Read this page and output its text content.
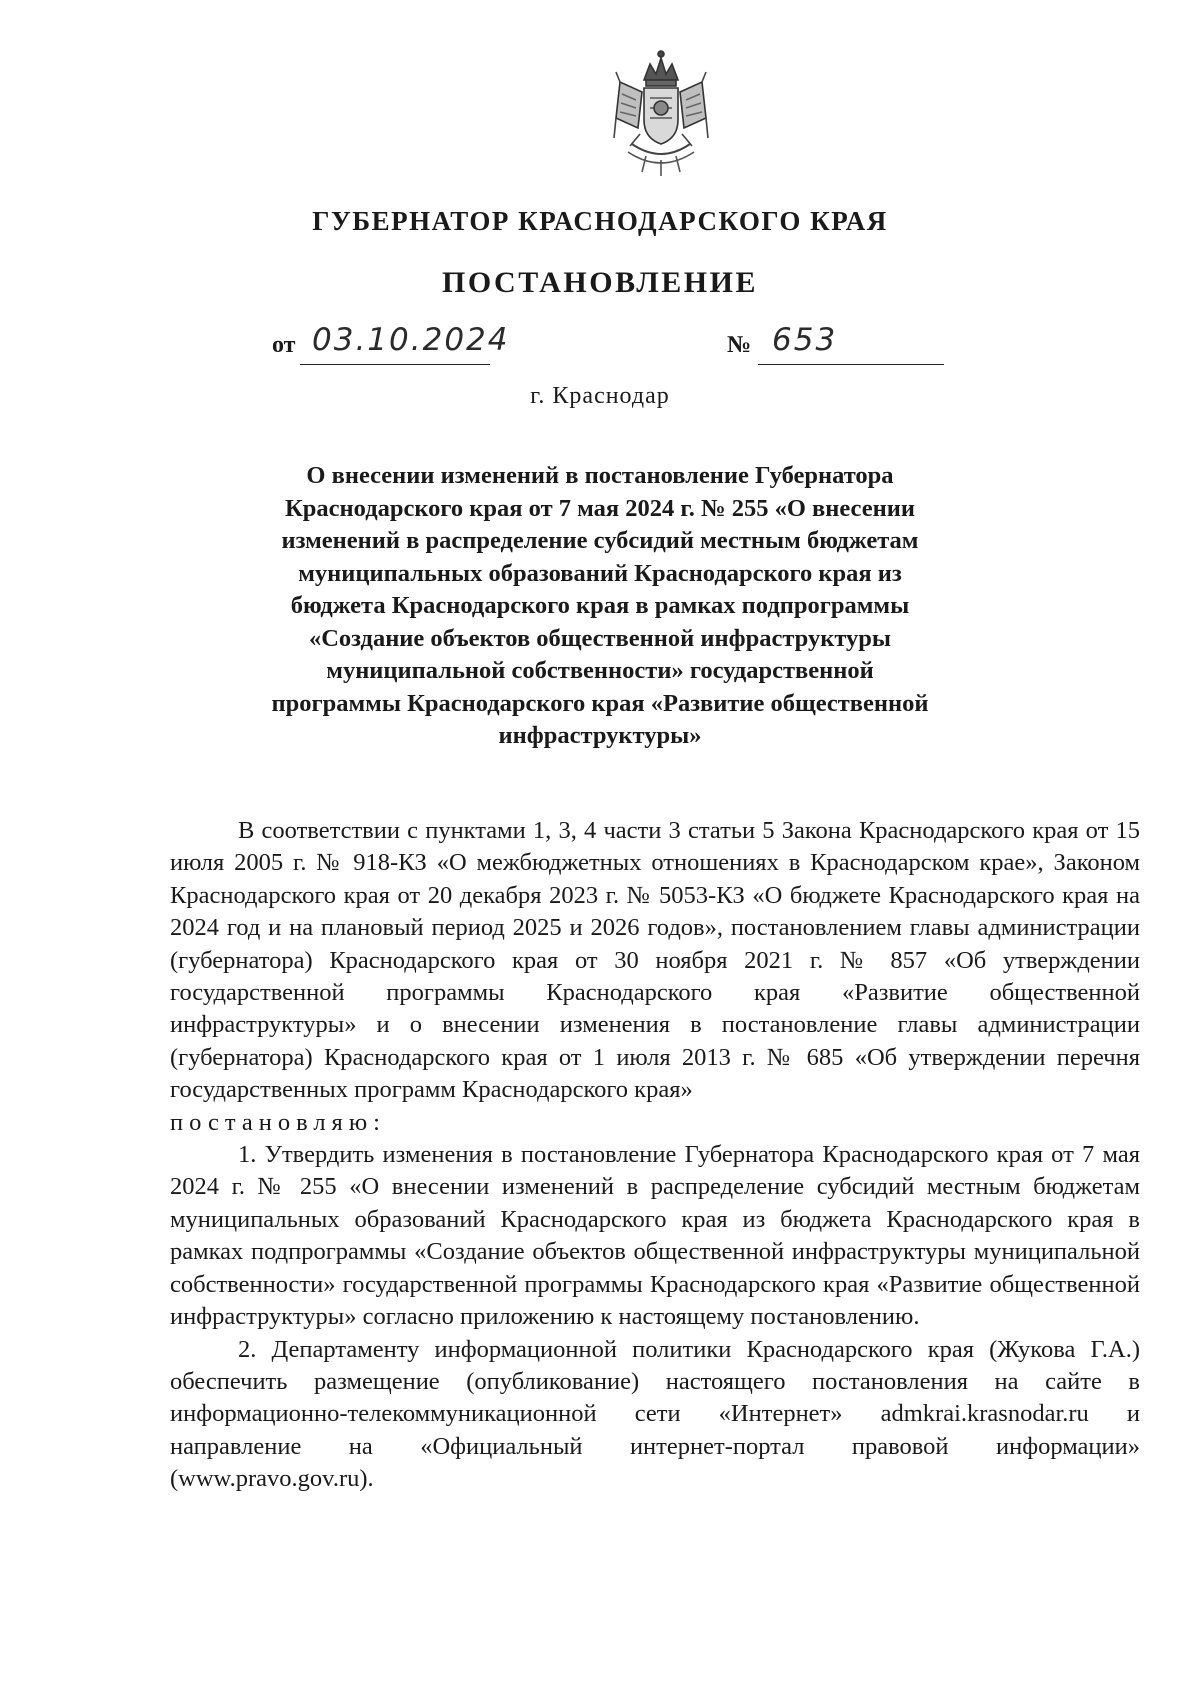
ГУБЕРНАТОР КРАСНОДАРСКОГО КРАЯ
ПОСТАНОВЛЕНИЕ
от 03.10.2024	№ 653
г. Краснодар
О внесении изменений в постановление Губернатора Краснодарского края от 7 мая 2024 г. № 255 «О внесении изменений в распределение субсидий местным бюджетам муниципальных образований Краснодарского края из бюджета Краснодарского края в рамках подпрограммы «Создание объектов общественной инфраструктуры муниципальной собственности» государственной программы Краснодарского края «Развитие общественной инфраструктуры»

В соответствии с пунктами 1, 3, 4 части 3 статьи 5 Закона Краснодарского края от 15 июля 2005 г. № 918-КЗ «О межбюджетных отношениях в Краснодарском крае», Законом Краснодарского края от 20 декабря 2023 г. № 5053-КЗ «О бюджете Краснодарского края на 2024 год и на плановый период 2025 и 2026 годов», постановлением главы администрации (губернатора) Краснодарского края от 30 ноября 2021 г. № 857 «Об утверждении государственной программы Краснодарского края «Развитие общественной инфраструктуры» и о внесении изменения в постановление главы администрации (губернатора) Краснодарского края от 1 июля 2013 г. № 685 «Об утверждении перечня государственных программ Краснодарского края»

постановляю:

1. Утвердить изменения в постановление Губернатора Краснодарского края от 7 мая 2024 г. № 255 «О внесении изменений в распределение субсидий местным бюджетам муниципальных образований Краснодарского края из бюджета Краснодарского края в рамках подпрограммы «Создание объектов общественной инфраструктуры муниципальной собственности» государственной программы Краснодарского края «Развитие общественной инфраструктуры» согласно приложению к настоящему постановлению.

2. Департаменту информационной политики Краснодарского края (Жукова Г.А.) обеспечить размещение (опубликование) настоящего постановления на сайте в информационно-телекоммуникационной сети «Интернет» admkrai.krasnodar.ru и направление на «Официальный интернет-портал правовой информации» (www.pravo.gov.ru).
